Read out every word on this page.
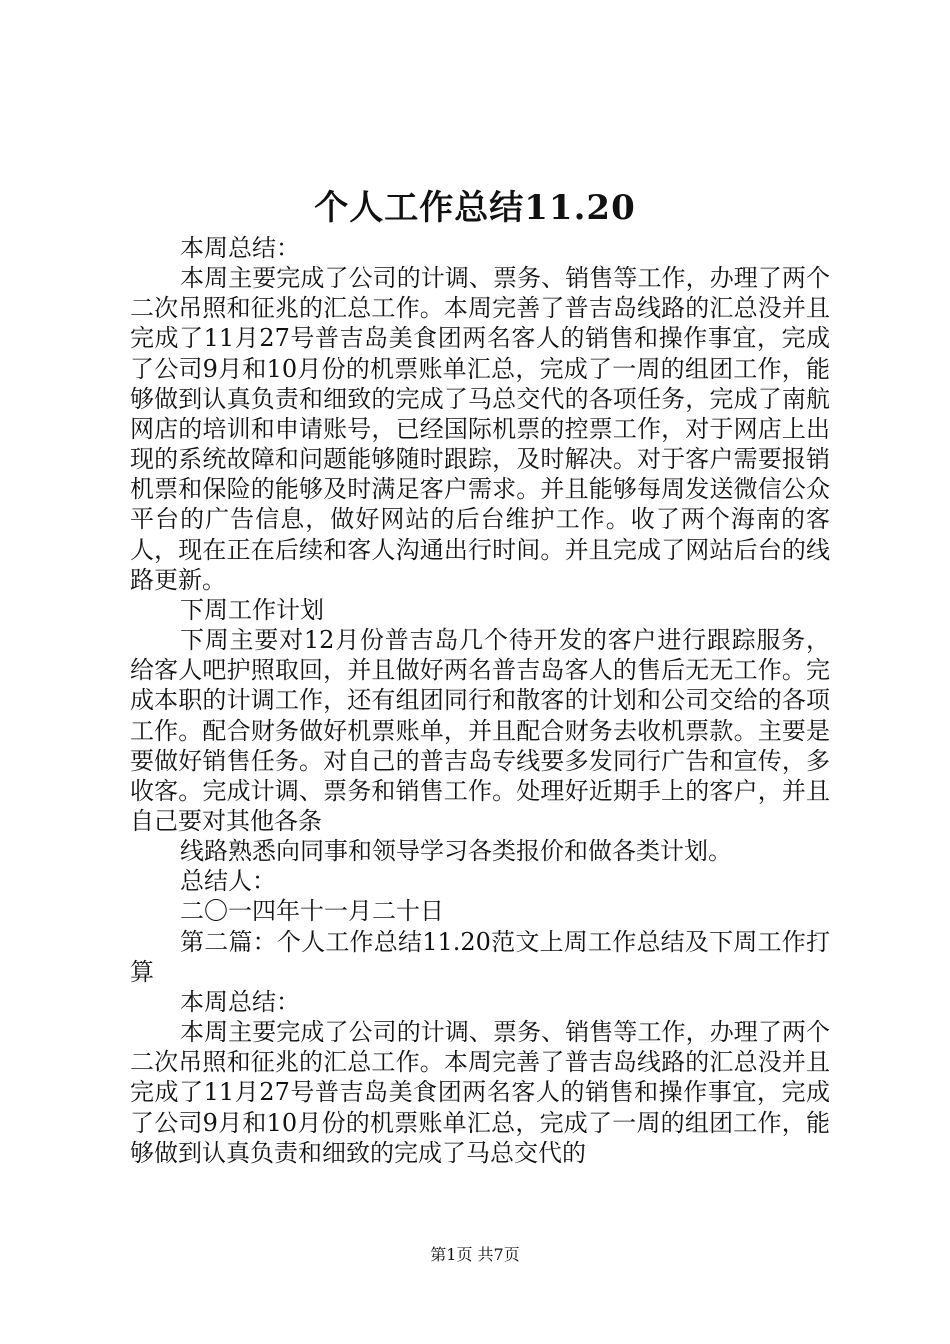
个人工作总结11.20

本周总结：

本周主要完成了公司的计调、票务、销售等工作，办理了两个二次吊照和征兆的汇总工作。本周完善了普吉岛线路的汇总没并且完成了11月27号普吉岛美食团两名客人的销售和操作事宜，完成了公司9月和10月份的机票账单汇总，完成了一周的组团工作，能够做到认真负责和细致的完成了马总交代的各项任务，完成了南航网店的培训和申请账号，已经国际机票的控票工作，对于网店上出现的系统故障和问题能够随时跟踪，及时解决。对于客户需要报销机票和保险的能够及时满足客户需求。并且能够每周发送微信公众平台的广告信息，做好网站的后台维护工作。收了两个海南的客人，现在正在后续和客人沟通出行时间。并且完成了网站后台的线路更新。

下周工作计划

下周主要对12月份普吉岛几个待开发的客户进行跟踪服务，给客人吧护照取回，并且做好两名普吉岛客人的售后无无工作。完成本职的计调工作，还有组团同行和散客的计划和公司交给的各项工作。配合财务做好机票账单，并且配合财务去收机票款。主要是要做好销售任务。对自己的普吉岛专线要多发同行广告和宣传，多收客。完成计调、票务和销售工作。处理好近期手上的客户，并且自己要对其他各条

线路熟悉向同事和领导学习各类报价和做各类计划。

总结人：

二〇一四年十一月二十日

第二篇：个人工作总结11.20范文上周工作总结及下周工作打算

本周总结：

本周主要完成了公司的计调、票务、销售等工作，办理了两个二次吊照和征兆的汇总工作。本周完善了普吉岛线路的汇总没并且完成了11月27号普吉岛美食团两名客人的销售和操作事宜，完成了公司9月和10月份的机票账单汇总，完成了一周的组团工作，能够做到认真负责和细致的完成了马总交代的

第1页 共7页
